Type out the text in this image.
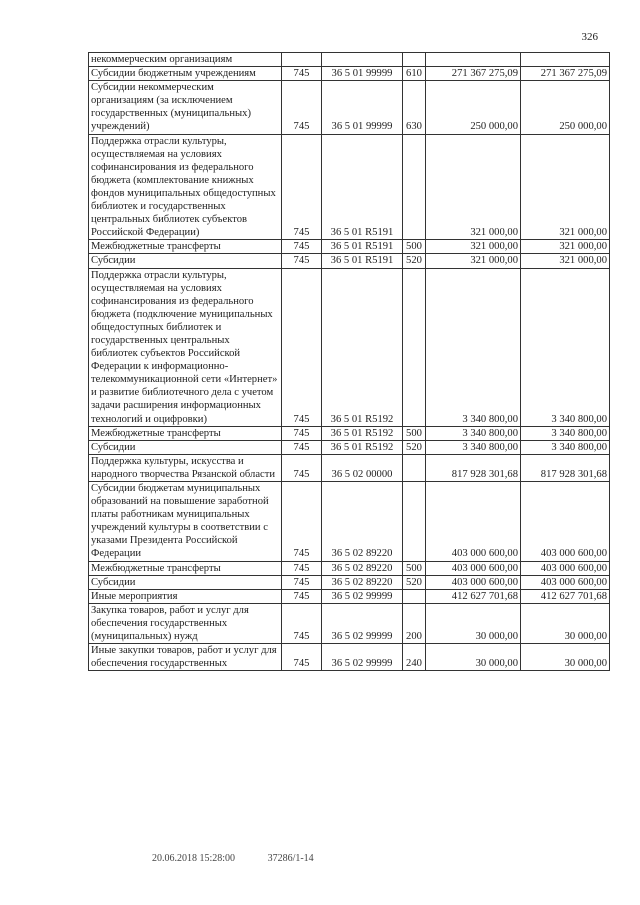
326
некоммерческим организациям					
Субсидии бюджетным учреждениям	745	36 5 01 99999	610	271 367 275,09	271 367 275,09
Субсидии некоммерческим организациям (за исключением государственных (муниципальных) учреждений)	745	36 5 01 99999	630	250 000,00	250 000,00
Поддержка отрасли культуры, осуществляемая на условиях софинансирования из федерального бюджета (комплектование книжных фондов муниципальных общедоступных библиотек и государственных центральных библиотек субъектов Российской Федерации)	745	36 5 01 R5191		321 000,00	321 000,00
Межбюджетные трансферты	745	36 5 01 R5191	500	321 000,00	321 000,00
Субсидии	745	36 5 01 R5191	520	321 000,00	321 000,00
Поддержка отрасли культуры, осуществляемая на условиях софинансирования из федерального бюджета (подключение муниципальных общедоступных библиотек и государственных центральных библиотек субъектов Российской Федерации к информационно-телекоммуникационной сети «Интернет» и развитие библиотечного дела с учетом задачи расширения информационных технологий и оцифровки)	745	36 5 01 R5192		3 340 800,00	3 340 800,00
Межбюджетные трансферты	745	36 5 01 R5192	500	3 340 800,00	3 340 800,00
Субсидии	745	36 5 01 R5192	520	3 340 800,00	3 340 800,00
Поддержка культуры, искусства и народного творчества Рязанской области	745	36 5 02 00000		817 928 301,68	817 928 301,68
Субсидии бюджетам муниципальных образований на повышение заработной платы работникам муниципальных учреждений культуры в соответствии с указами Президента Российской Федерации	745	36 5 02 89220		403 000 600,00	403 000 600,00
Межбюджетные трансферты	745	36 5 02 89220	500	403 000 600,00	403 000 600,00
Субсидии	745	36 5 02 89220	520	403 000 600,00	403 000 600,00
Иные мероприятия	745	36 5 02 99999		412 627 701,68	412 627 701,68
Закупка товаров, работ и услуг для обеспечения государственных (муниципальных) нужд	745	36 5 02 99999	200	30 000,00	30 000,00
Иные закупки товаров, работ и услуг для обеспечения государственных	745	36 5 02 99999	240	30 000,00	30 000,00
20.06.2018 15:28:00	37286/1-14
